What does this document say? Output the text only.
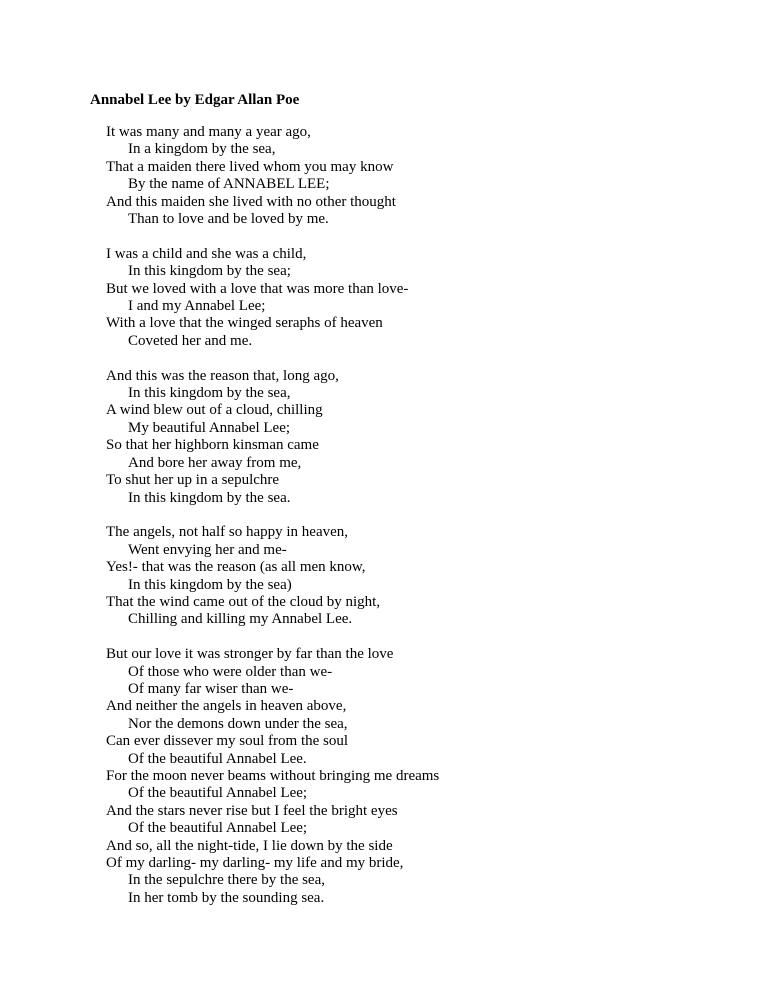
Annabel Lee by Edgar Allan Poe
It was many and many a year ago,
In a kingdom by the sea,
That a maiden there lived whom you may know
By the name of ANNABEL LEE;
And this maiden she lived with no other thought
Than to love and be loved by me.
I was a child and she was a child,
In this kingdom by the sea;
But we loved with a love that was more than love-
I and my Annabel Lee;
With a love that the winged seraphs of heaven
Coveted her and me.
And this was the reason that, long ago,
In this kingdom by the sea,
A wind blew out of a cloud, chilling
My beautiful Annabel Lee;
So that her highborn kinsman came
And bore her away from me,
To shut her up in a sepulchre
In this kingdom by the sea.
The angels, not half so happy in heaven,
Went envying her and me-
Yes!- that was the reason (as all men know,
In this kingdom by the sea)
That the wind came out of the cloud by night,
Chilling and killing my Annabel Lee.
But our love it was stronger by far than the love
Of those who were older than we-
Of many far wiser than we-
And neither the angels in heaven above,
Nor the demons down under the sea,
Can ever dissever my soul from the soul
Of the beautiful Annabel Lee.
For the moon never beams without bringing me dreams
Of the beautiful Annabel Lee;
And the stars never rise but I feel the bright eyes
Of the beautiful Annabel Lee;
And so, all the night-tide, I lie down by the side
Of my darling- my darling- my life and my bride,
In the sepulchre there by the sea,
In her tomb by the sounding sea.
